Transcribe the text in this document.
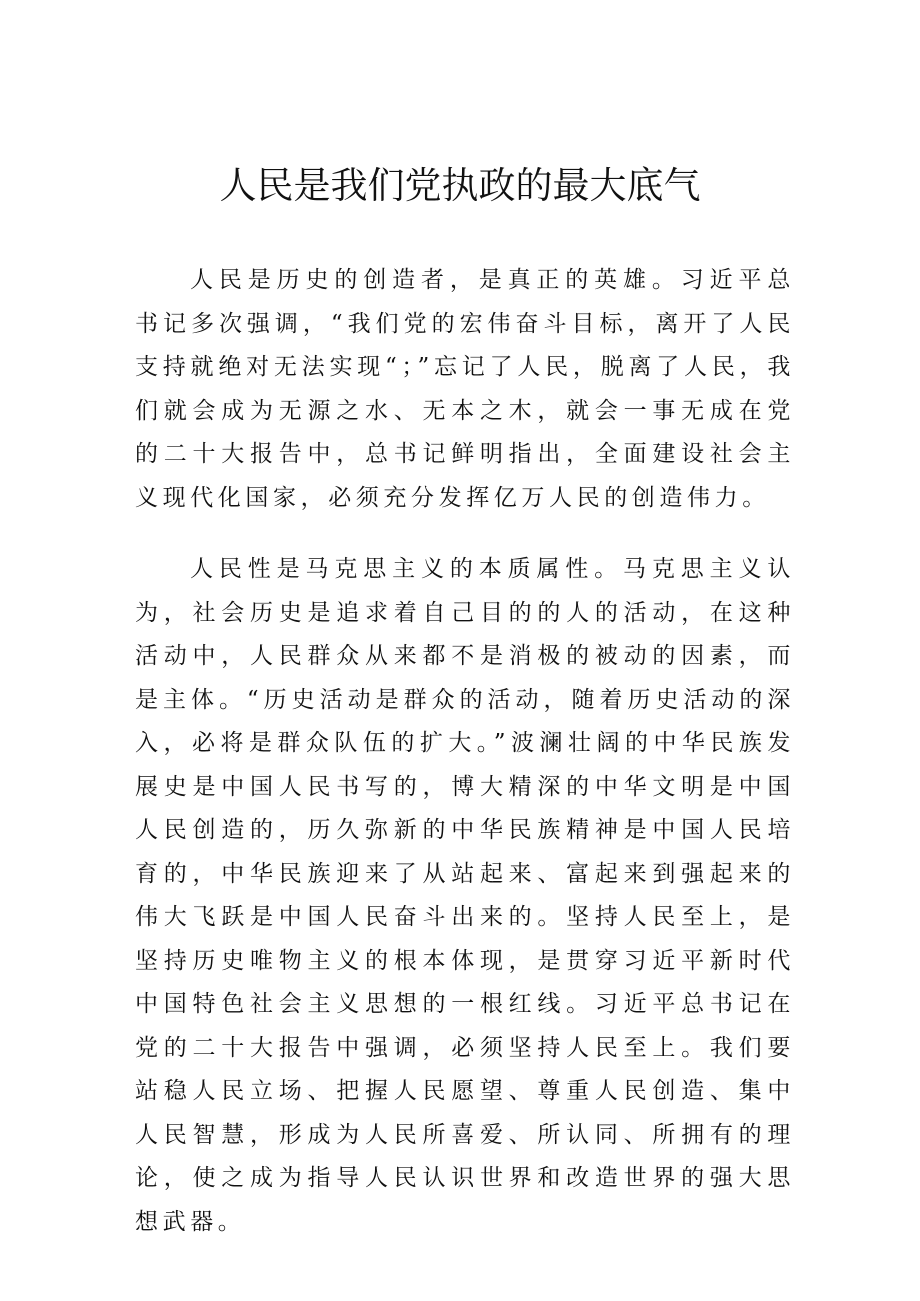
人民是我们党执政的最大底气

人民是历史的创造者，是真正的英雄。习近平总书记多次强调，“我们党的宏伟奋斗目标，离开了人民支持就绝对无法实现“；”忘记了人民，脱离了人民，我们就会成为无源之水、无本之木，就会一事无成在党的二十大报告中，总书记鲜明指出，全面建设社会主义现代化国家，必须充分发挥亿万人民的创造伟力。

人民性是马克思主义的本质属性。马克思主义认为，社会历史是追求着自己目的的人的活动，在这种活动中，人民群众从来都不是消极的被动的因素，而是主体。“历史活动是群众的活动，随着历史活动的深入，必将是群众队伍的扩大。”波澜壮阔的中华民族发展史是中国人民书写的，博大精深的中华文明是中国人民创造的，历久弥新的中华民族精神是中国人民培育的，中华民族迎来了从站起来、富起来到强起来的伟大飞跃是中国人民奋斗出来的。坚持人民至上，是坚持历史唯物主义的根本体现，是贯穿习近平新时代中国特色社会主义思想的一根红线。习近平总书记在党的二十大报告中强调，必须坚持人民至上。我们要站稳人民立场、把握人民愿望、尊重人民创造、集中人民智慧，形成为人民所喜爱、所认同、所拥有的理论，使之成为指导人民认识世界和改造世界的强大思想武器。
